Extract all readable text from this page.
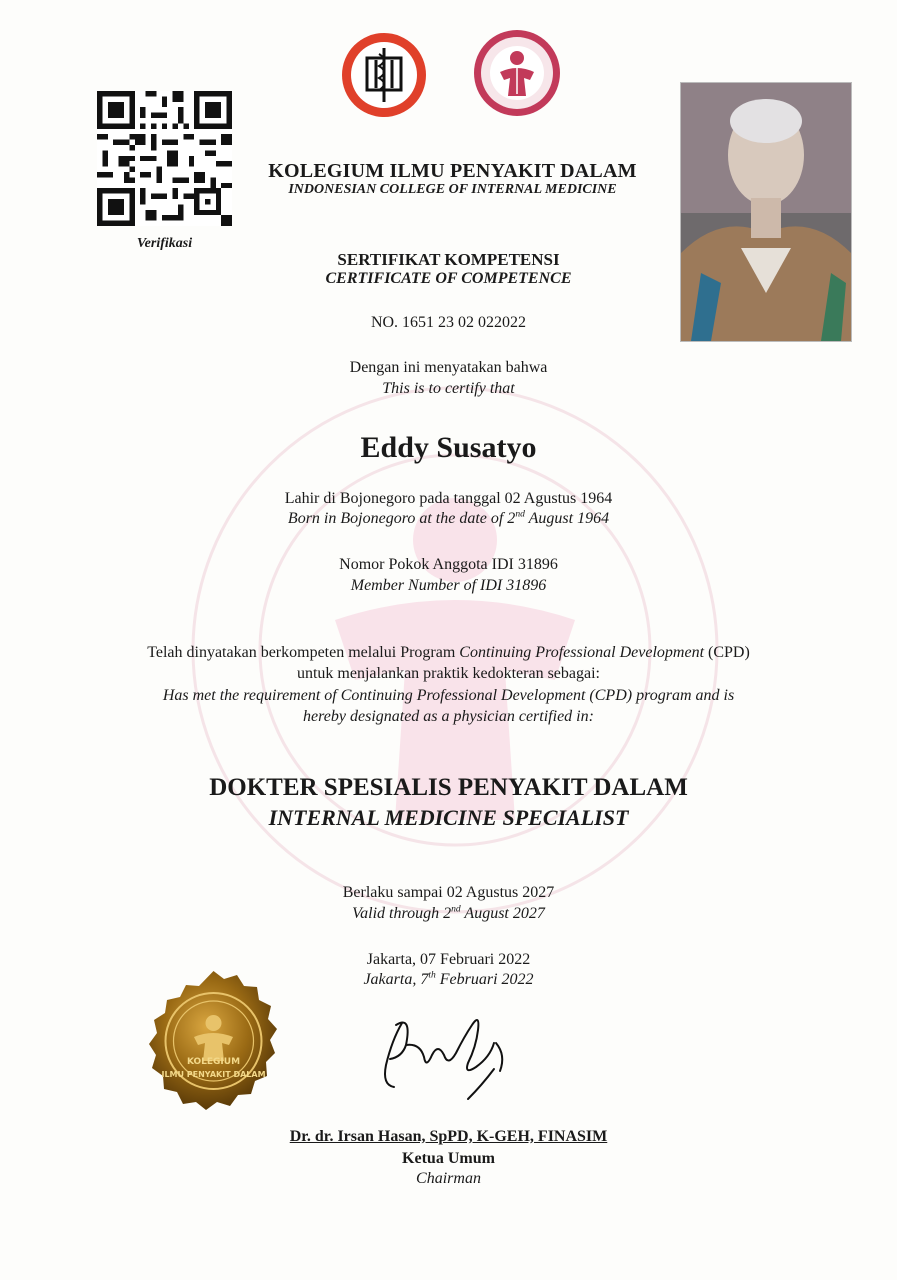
Verifikasi
KOLEGIUM ILMU PENYAKIT DALAM
INDONESIAN COLLEGE OF INTERNAL MEDICINE
SERTIFIKAT KOMPETENSI
CERTIFICATE OF COMPETENCE
NO. 1651 23 02 022022
Dengan ini menyatakan bahwa
This is to certify that
Eddy Susatyo
Lahir di Bojonegoro pada tanggal 02 Agustus 1964
Born in Bojonegoro at the date of 2nd August 1964
Nomor Pokok Anggota IDI 31896
Member Number of IDI 31896
Telah dinyatakan berkompeten melalui Program Continuing Professional Development (CPD)
untuk menjalankan praktik kedokteran sebagai:
Has met the requirement of Continuing Professional Development (CPD) program and is
hereby designated as a physician certified in:
DOKTER SPESIALIS PENYAKIT DALAM
INTERNAL MEDICINE SPECIALIST
Berlaku sampai 02 Agustus 2027
Valid through 2nd August 2027
Jakarta, 07 Februari 2022
Jakarta, 7th Februari 2022
KOLEGIUM
ILMU PENYAKIT DALAM
Dr. dr. Irsan Hasan, SpPD, K-GEH, FINASIM
Ketua Umum
Chairman
